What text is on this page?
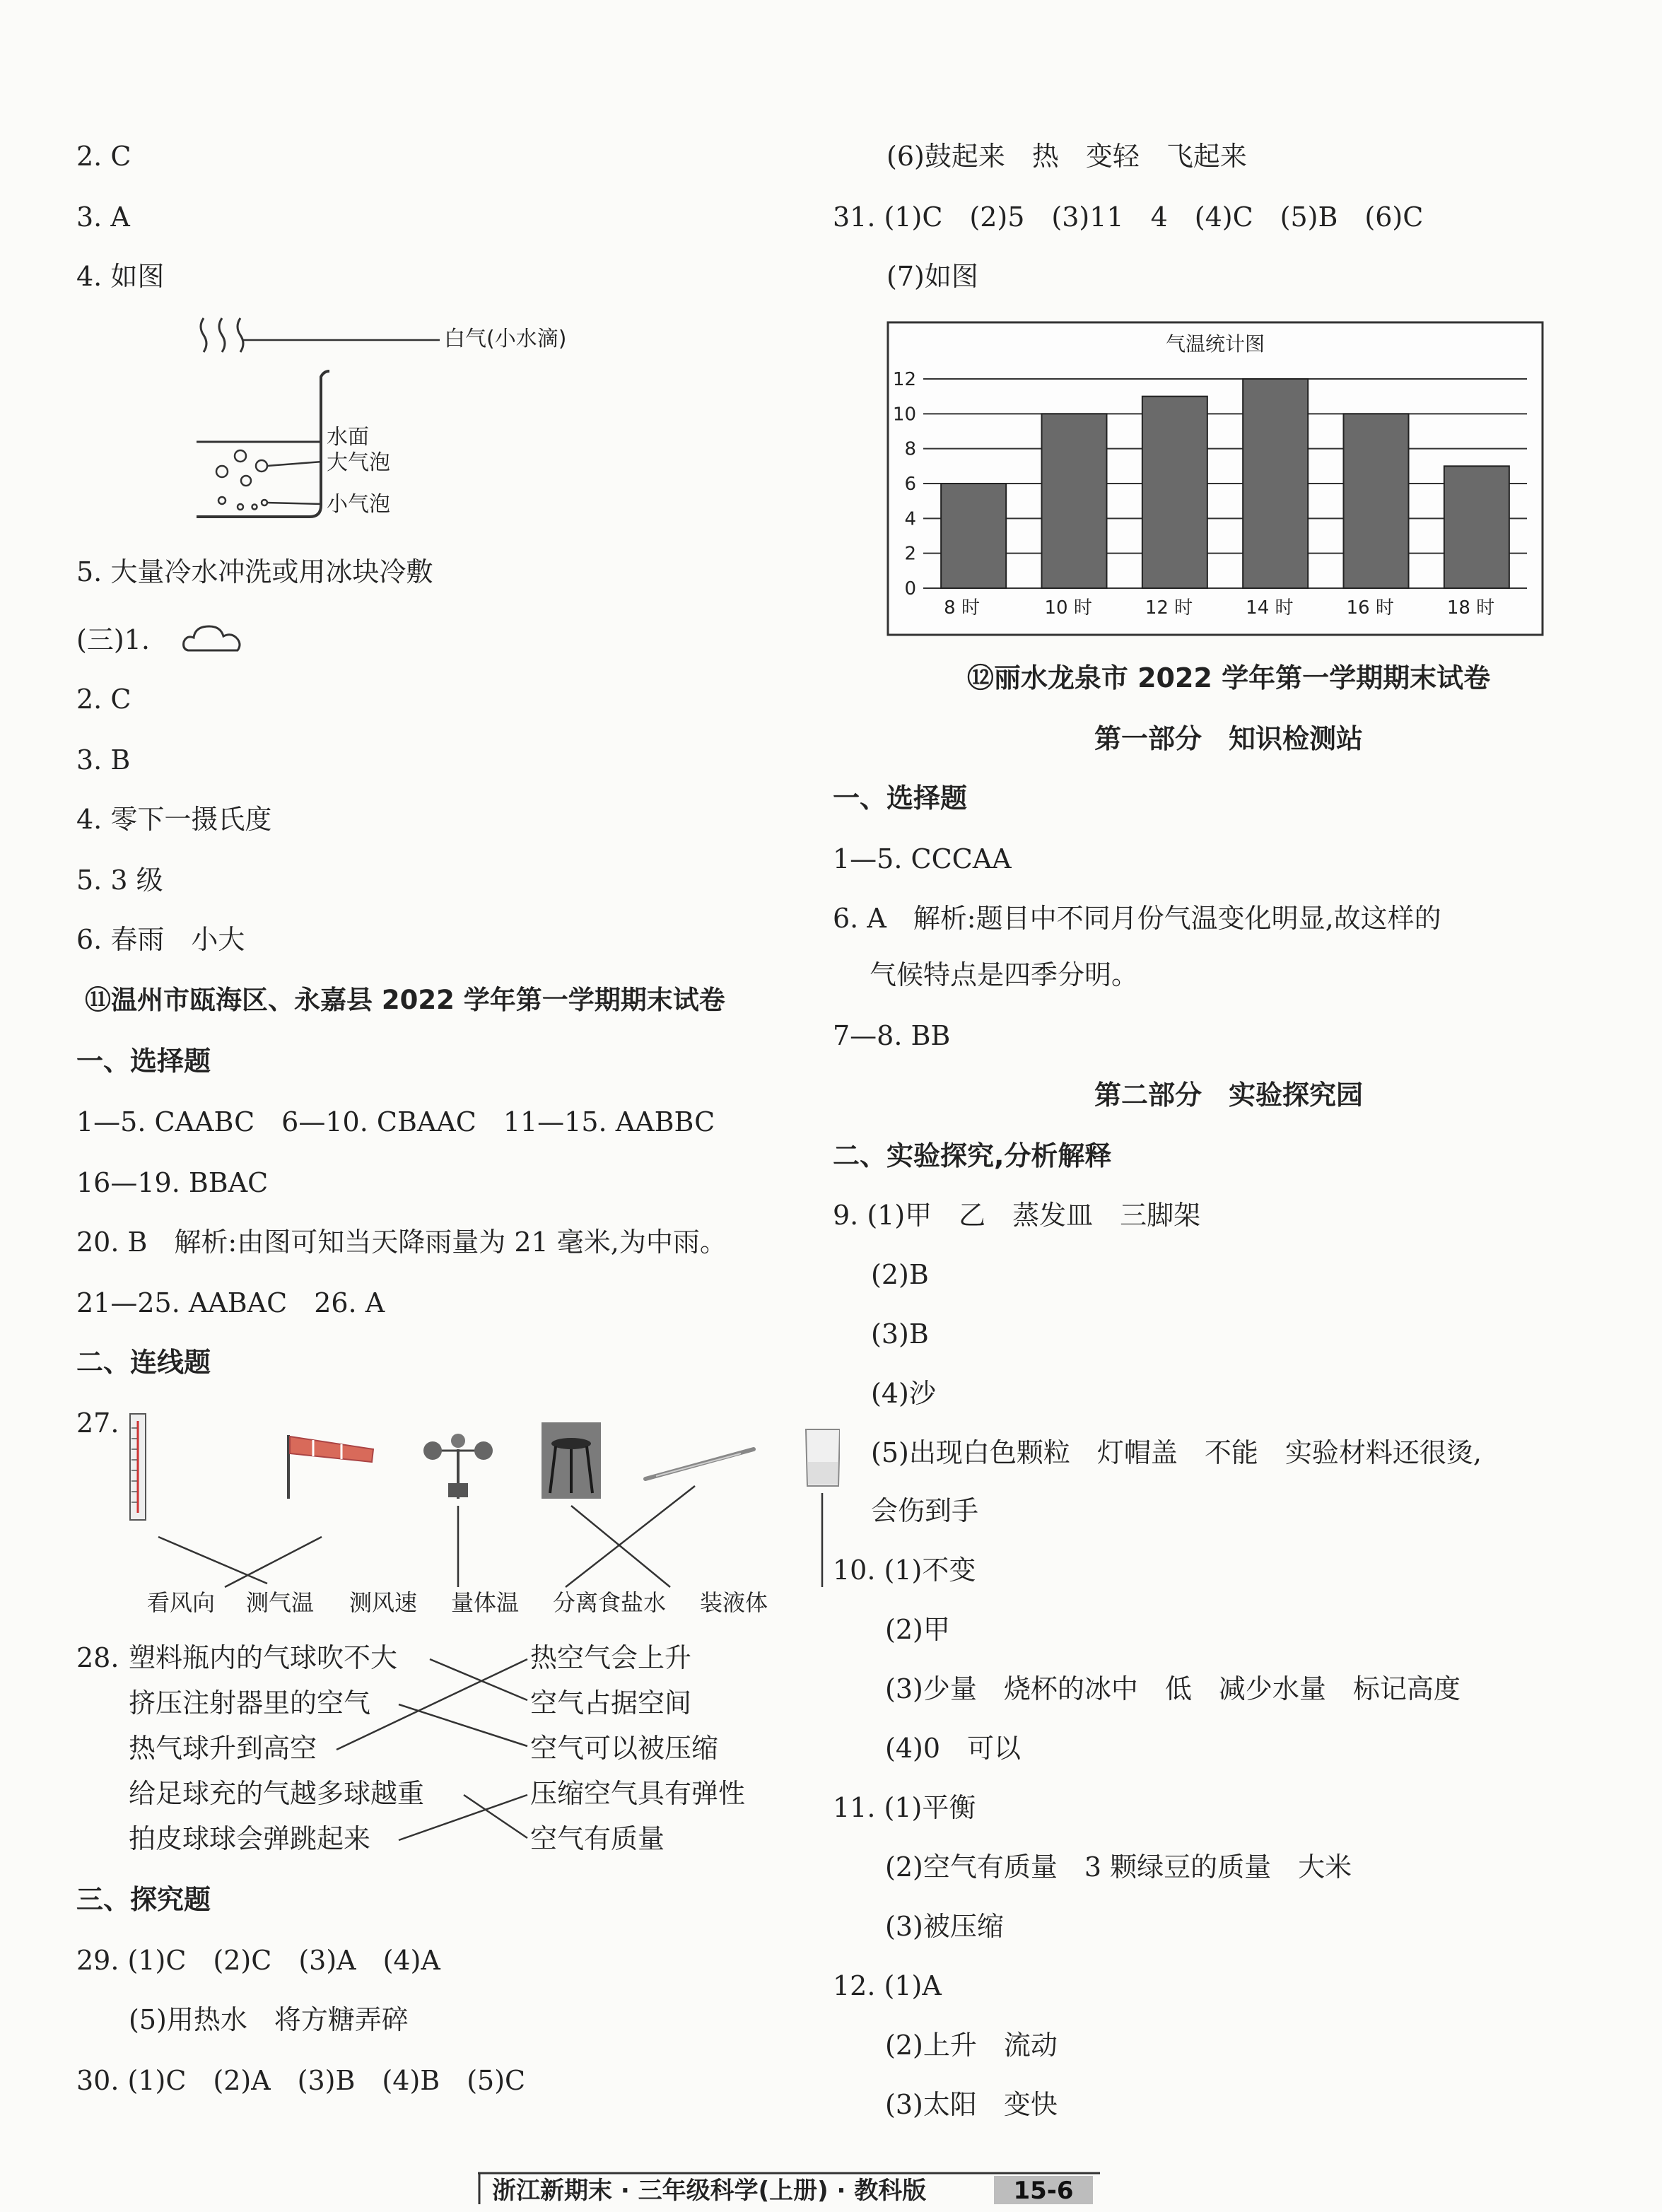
2. C
3. A
4. 如图
白气(小水滴)
水面
大气泡
小气泡
5. 大量冷水冲洗或用冰块冷敷
(三)1.
2. C
3. B
4. 零下一摄氏度
5. 3 级
6. 春雨　小大
⑪温州市瓯海区、永嘉县 2022 学年第一学期期末试卷
一、选择题
1—5. CAABC　6—10. CBAAC　11—15. AABBC
16—19. BBAC
20. B　解析:由图可知当天降雨量为 21 毫米,为中雨。
21—25. AABAC　26. A
二、连线题
27.
看风向 测气温 测风速 量体温 分离食盐水 装液体
28. 塑料瓶内的气球吹不大
挤压注射器里的空气
热气球升到高空
给足球充的气越多球越重
拍皮球球会弹跳起来
热空气会上升
空气占据空间
空气可以被压缩
压缩空气具有弹性
空气有质量
三、探究题
29. (1)C　(2)C　(3)A　(4)A
(5)用热水　将方糖弄碎
30. (1)C　(2)A　(3)B　(4)B　(5)C
(6)鼓起来　热　变轻　飞起来
31. (1)C　(2)5　(3)11　4　(4)C　(5)B　(6)C
(7)如图
气温统计图
0
2
4
6
8
10
12
8 时	10 时	12 时	14 时	16 时	18 时
⑫丽水龙泉市 2022 学年第一学期期末试卷
第一部分　知识检测站
一、选择题
1—5. CCCAA
6. A　解析:题目中不同月份气温变化明显,故这样的
气候特点是四季分明。
7—8. BB
第二部分　实验探究园
二、实验探究,分析解释
9. (1)甲　乙　蒸发皿　三脚架
(2)B
(3)B
(4)沙
(5)出现白色颗粒　灯帽盖　不能　实验材料还很烫,
会伤到手
10. (1)不变
(2)甲
(3)少量　烧杯的冰中　低　减少水量　标记高度
(4)0　可以
11. (1)平衡
(2)空气有质量　3 颗绿豆的质量　大米
(3)被压缩
12. (1)A
(2)上升　流动
(3)太阳　变快
浙江新期末 · 三年级科学(上册) · 教科版	15-6
